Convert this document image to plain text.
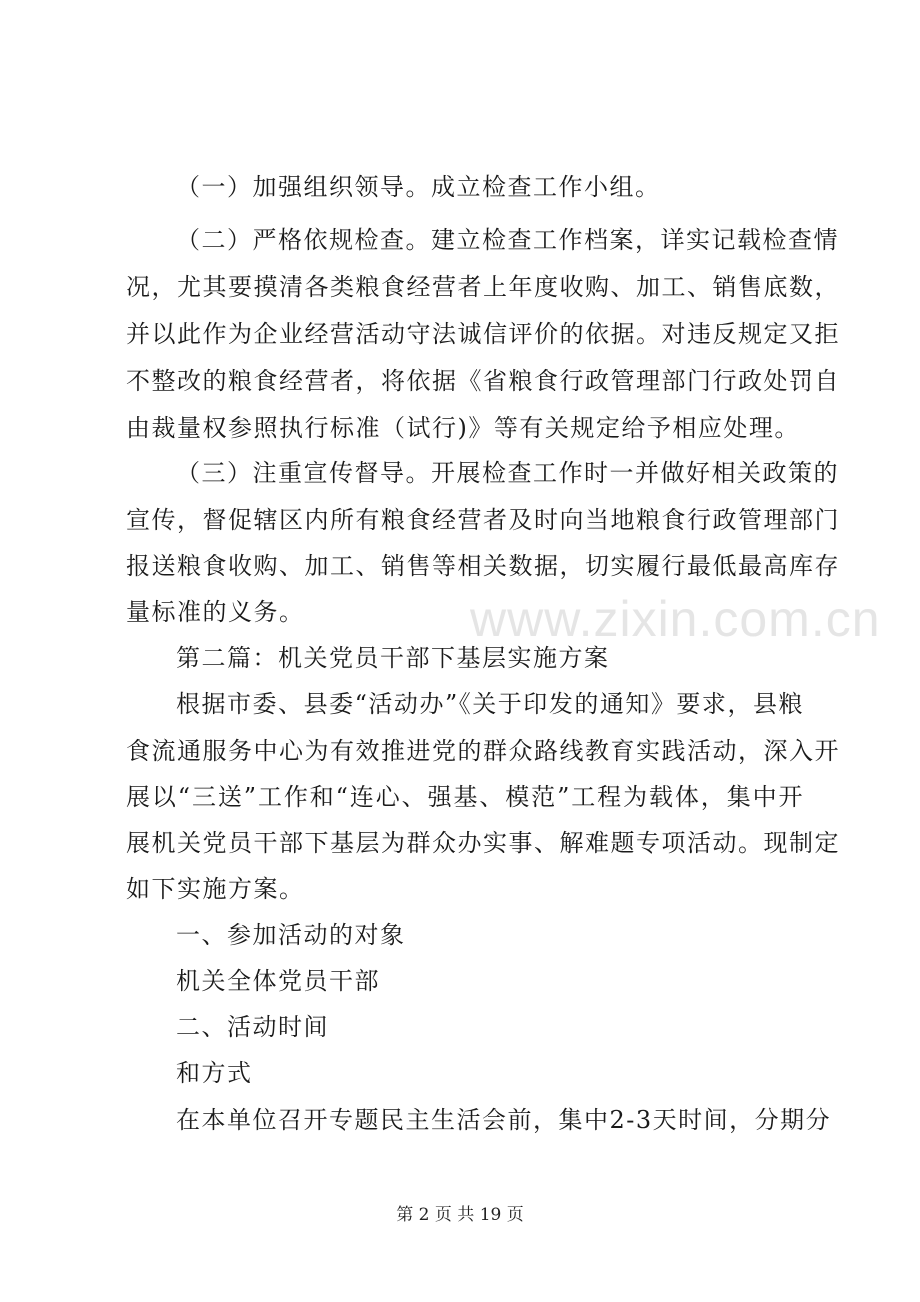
（一）加强组织领导。成立检查工作小组。
（二）严格依规检查。建立检查工作档案，详实记载检查情
况，尤其要摸清各类粮食经营者上年度收购、加工、销售底数，
并以此作为企业经营活动守法诚信评价的依据。对违反规定又拒
不整改的粮食经营者，将依据《省粮食行政管理部门行政处罚自
由裁量权参照执行标准（试行)》等有关规定给予相应处理。
（三）注重宣传督导。开展检查工作时一并做好相关政策的
宣传，督促辖区内所有粮食经营者及时向当地粮食行政管理部门
报送粮食收购、加工、销售等相关数据，切实履行最低最高库存
量标准的义务。
第二篇：机关党员干部下基层实施方案
根据市委、县委“活动办”《关于印发的通知》要求，县粮
食流通服务中心为有效推进党的群众路线教育实践活动，深入开
展以“三送”工作和“连心、强基、模范”工程为载体，集中开
展机关党员干部下基层为群众办实事、解难题专项活动。现制定
如下实施方案。
一、参加活动的对象
机关全体党员干部
二、活动时间
和方式
在本单位召开专题民主生活会前，集中2-3天时间，分期分
www.zixin.com.cn
第 2 页 共 19 页
